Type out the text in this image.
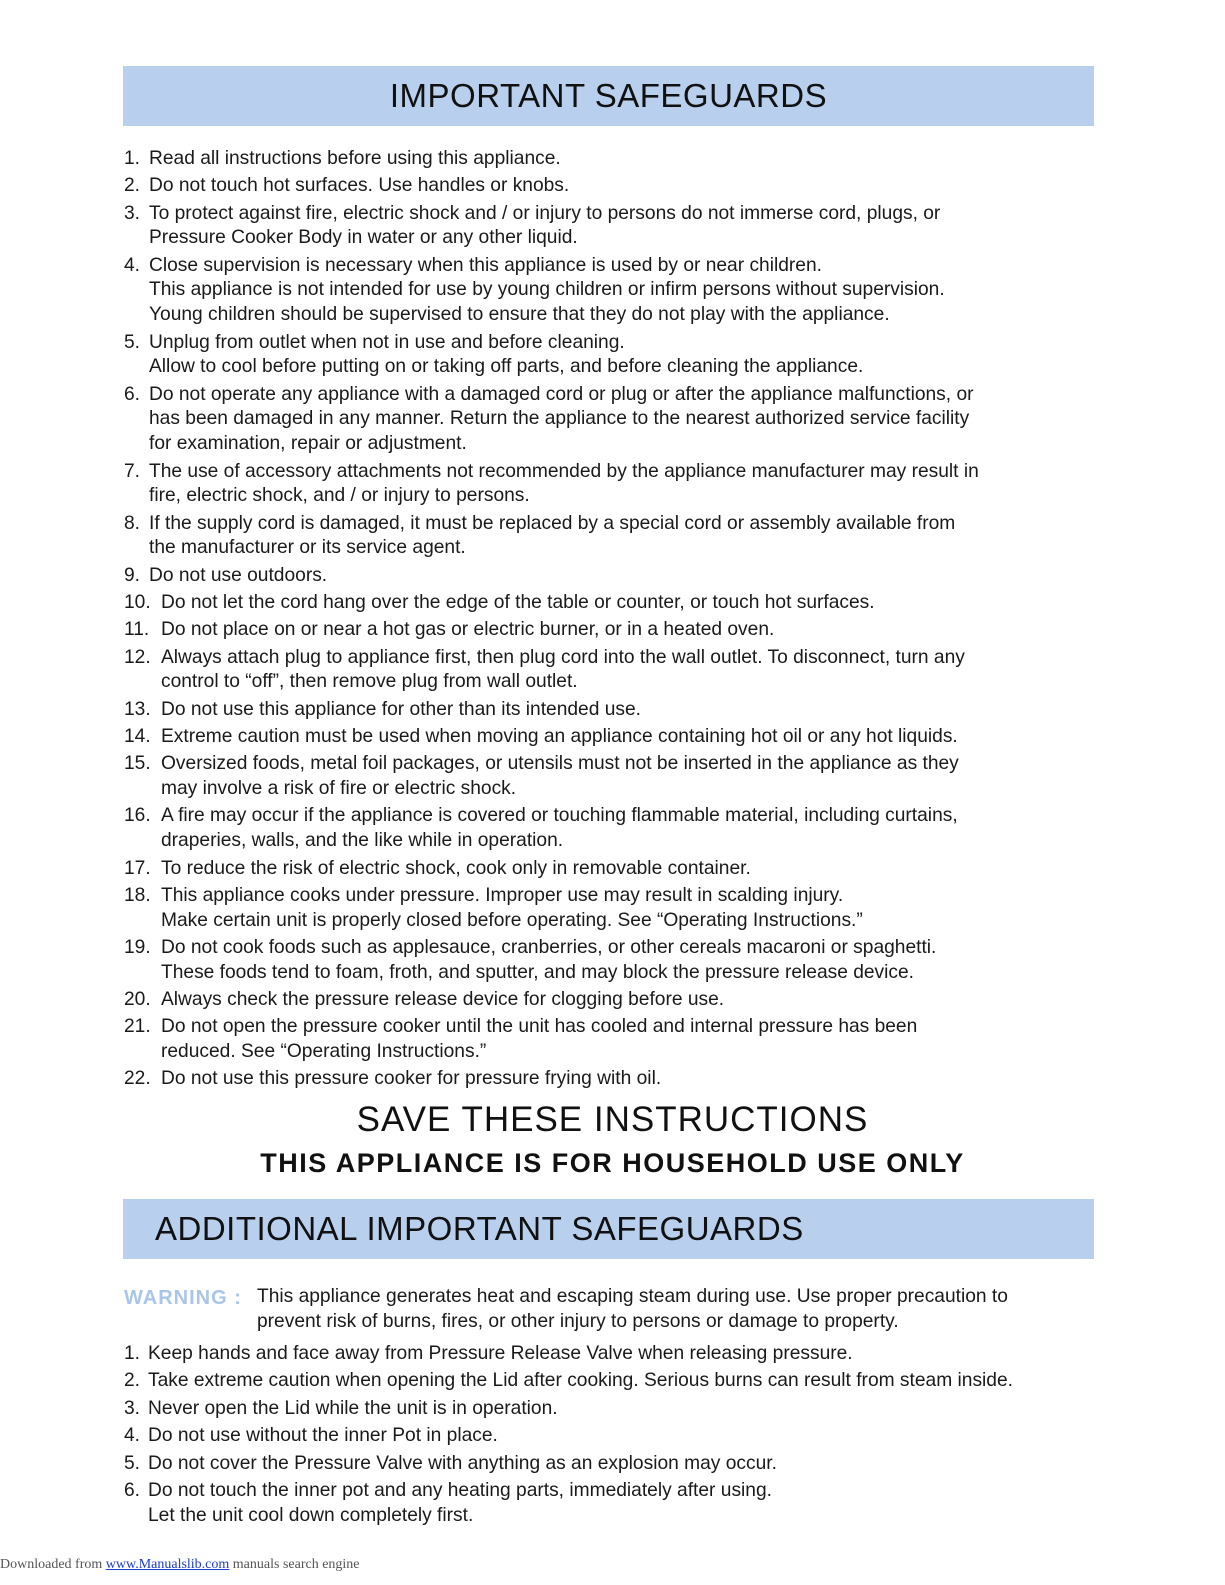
IMPORTANT SAFEGUARDS
1. Read all instructions before using this appliance.
2. Do not touch hot surfaces. Use handles or knobs.
3. To protect against fire, electric shock and / or injury to persons do not immerse cord, plugs, or
Pressure Cooker Body in water or any other liquid.
4. Close supervision is necessary when this appliance is used by or near children.
This appliance is not intended for use by young children or infirm persons without supervision.
Young children should be supervised to ensure that they do not play with the appliance.
5. Unplug from outlet when not in use and before cleaning.
Allow to cool before putting on or taking off parts, and before cleaning the appliance.
6. Do not operate any appliance with a damaged cord or plug or after the appliance malfunctions, or
has been damaged in any manner. Return the appliance to the nearest authorized service facility
for examination, repair or adjustment.
7. The use of accessory attachments not recommended by the appliance manufacturer may result in
fire, electric shock, and / or injury to persons.
8. If the supply cord is damaged, it must be replaced by a special cord or assembly available from
the manufacturer or its service agent.
9. Do not use outdoors.
10. Do not let the cord hang over the edge of the table or counter, or touch hot surfaces.
11. Do not place on or near a hot gas or electric burner, or in a heated oven.
12. Always attach plug to appliance first, then plug cord into the wall outlet. To disconnect, turn any
control to “off”, then remove plug from wall outlet.
13. Do not use this appliance for other than its intended use.
14. Extreme caution must be used when moving an appliance containing hot oil or any hot liquids.
15. Oversized foods, metal foil packages, or utensils must not be inserted in the appliance as they
may involve a risk of fire or electric shock.
16. A fire may occur if the appliance is covered or touching flammable material, including curtains,
draperies, walls, and the like while in operation.
17. To reduce the risk of electric shock, cook only in removable container.
18. This appliance cooks under pressure. Improper use may result in scalding injury.
Make certain unit is properly closed before operating. See “Operating Instructions.”
19. Do not cook foods such as applesauce, cranberries, or other cereals macaroni or spaghetti.
These foods tend to foam, froth, and sputter, and may block the pressure release device.
20. Always check the pressure release device for clogging before use.
21. Do not open the pressure cooker until the unit has cooled and internal pressure has been
reduced. See “Operating Instructions.”
22. Do not use this pressure cooker for pressure frying with oil.
SAVE THESE INSTRUCTIONS
THIS APPLIANCE IS FOR HOUSEHOLD USE ONLY
ADDITIONAL IMPORTANT SAFEGUARDS
WARNING : This appliance generates heat and escaping steam during use. Use proper precaution to
prevent risk of burns, fires, or other injury to persons or damage to property.
1. Keep hands and face away from Pressure Release Valve when releasing pressure.
2. Take extreme caution when opening the Lid after cooking. Serious burns can result from steam inside.
3. Never open the Lid while the unit is in operation.
4. Do not use without the inner Pot in place.
5. Do not cover the Pressure Valve with anything as an explosion may occur.
6. Do not touch the inner pot and any heating parts, immediately after using.
Let the unit cool down completely first.
Downloaded from www.Manualslib.com manuals search engine
